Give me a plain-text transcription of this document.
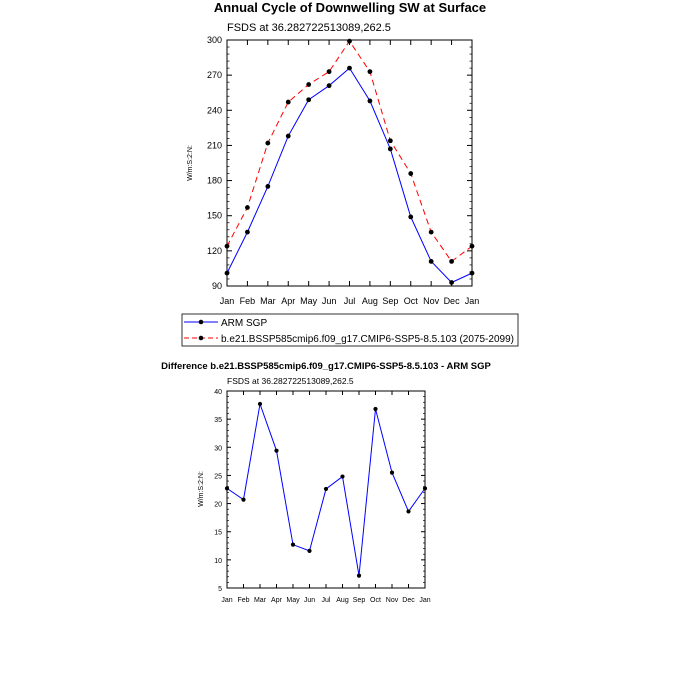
Annual Cycle of Downwelling SW at Surface
FSDS at 36.282722513089,262.5
W/m:S:2:N:
90
120
150
180
210
240
270
300
Jan Feb Mar Apr May Jun Jul Aug Sep Oct Nov Dec Jan
ARM SGP
b.e21.BSSP585cmip6.f09_g17.CMIP6-SSP5-8.5.103 (2075-2099)
Difference b.e21.BSSP585cmip6.f09_g17.CMIP6-SSP5-8.5.103 - ARM SGP
FSDS at 36.282722513089,262.5
W/m:S:2:N:
5
10
15
20
25
30
35
40
Jan Feb Mar Apr May Jun Jul Aug Sep Oct Nov Dec Jan
